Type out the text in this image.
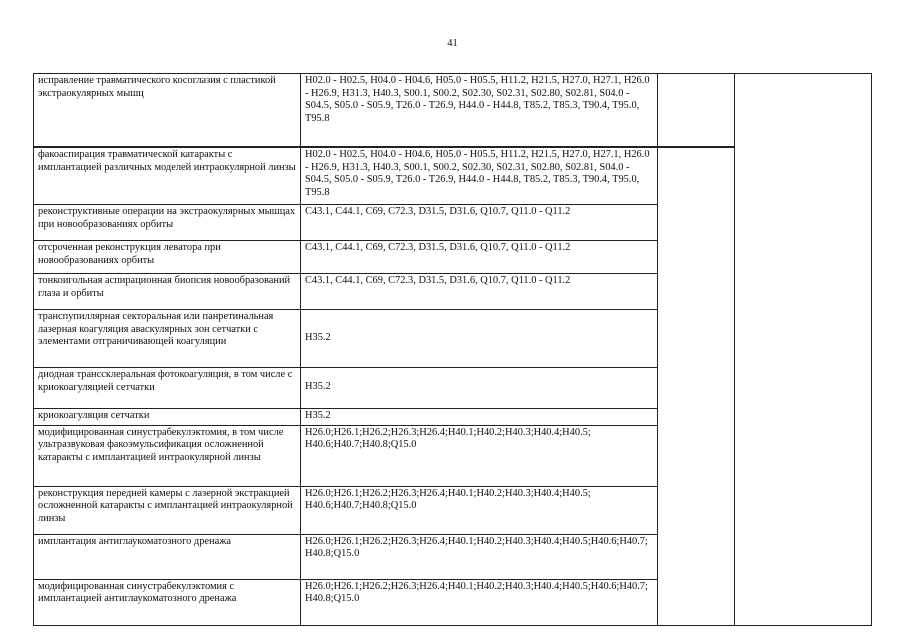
41
исправление травматического косоглазия с пластикой экстраокулярных мышц	H02.0 - H02.5, H04.0 - H04.6, H05.0 - H05.5, H11.2, H21.5, H27.0, H27.1, H26.0 - H26.9, H31.3, H40.3, S00.1, S00.2, S02.30, S02.31, S02.80, S02.81, S04.0 - S04.5, S05.0 - S05.9, T26.0 - T26.9, H44.0 - H44.8, T85.2, T85.3, T90.4, T95.0, T95.8		
факоаспирация травматической катаракты с имплантацией различных моделей интраокулярной линзы	H02.0 - H02.5, H04.0 - H04.6, H05.0 - H05.5, H11.2, H21.5, H27.0, H27.1, H26.0 - H26.9, H31.3, H40.3, S00.1, S00.2, S02.30, S02.31, S02.80, S02.81, S04.0 - S04.5, S05.0 - S05.9, T26.0 - T26.9, H44.0 - H44.8, T85.2, T85.3, T90.4, T95.0, T95.8		
реконструктивные операции на экстраокулярных мышцах при новообразованиях орбиты	C43.1, C44.1, C69, C72.3, D31.5, D31.6, Q10.7, Q11.0 - Q11.2		
отсроченная реконструкция леватора при новообразованиях орбиты	C43.1, C44.1, C69, C72.3, D31.5, D31.6, Q10.7, Q11.0 - Q11.2		
тонкоигольная аспирационная биопсия новообразований глаза и орбиты	C43.1, C44.1, C69, C72.3, D31.5, D31.6, Q10.7, Q11.0 - Q11.2		
транспупиллярная секторальная или панретинальная лазерная коагуляция аваскулярных зон сетчатки с элементами отграничивающей коагуляции	H35.2		
диодная транссклеральная фотокоагуляция, в том числе с криокоагуляцией сетчатки	H35.2		
криокоагуляция сетчатки	H35.2		
модифицированная синустрабекулэктомия, в том числе ультразвуковая факоэмульсификация осложненной катаракты с имплантацией интраокулярной линзы	H26.0;H26.1;H26.2;H26.3;H26.4;H40.1;H40.2;H40.3;H40.4;H40.5; H40.6;H40.7;H40.8;Q15.0		
реконструкция передней камеры с лазерной экстракцией осложненной катаракты с имплантацией интраокулярной линзы	H26.0;H26.1;H26.2;H26.3;H26.4;H40.1;H40.2;H40.3;H40.4;H40.5; H40.6;H40.7;H40.8;Q15.0		
имплантация антиглаукоматозного дренажа	H26.0;H26.1;H26.2;H26.3;H26.4;H40.1;H40.2;H40.3;H40.4;H40.5;H40.6;H40.7;H40.8;Q15.0		
модифицированная синустрабекулэктомия с имплантацией антиглаукоматозного дренажа	H26.0;H26.1;H26.2;H26.3;H26.4;H40.1;H40.2;H40.3;H40.4;H40.5;H40.6;H40.7;H40.8;Q15.0		
